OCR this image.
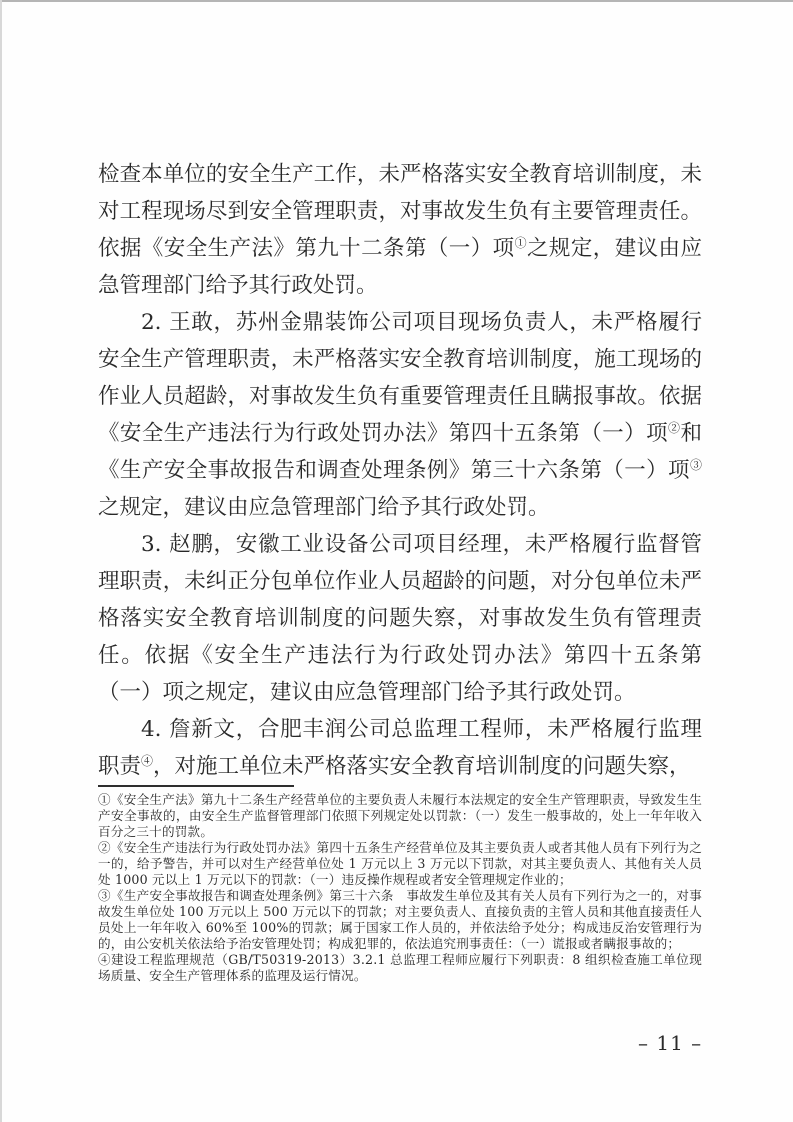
检查本单位的安全生产工作，未严格落实安全教育培训制度，未对工程现场尽到安全管理职责，对事故发生负有主要管理责任。依据《安全生产法》第九十二条第（一）项①之规定，建议由应急管理部门给予其行政处罚。

2. 王敢，苏州金鼎装饰公司项目现场负责人，未严格履行安全生产管理职责，未严格落实安全教育培训制度，施工现场的作业人员超龄，对事故发生负有重要管理责任且瞒报事故。依据《安全生产违法行为行政处罚办法》第四十五条第（一）项②和《生产安全事故报告和调查处理条例》第三十六条第（一）项③之规定，建议由应急管理部门给予其行政处罚。

3. 赵鹏，安徽工业设备公司项目经理，未严格履行监督管理职责，未纠正分包单位作业人员超龄的问题，对分包单位未严格落实安全教育培训制度的问题失察，对事故发生负有管理责任。依据《安全生产违法行为行政处罚办法》第四十五条第（一）项之规定，建议由应急管理部门给予其行政处罚。

4. 詹新文，合肥丰润公司总监理工程师，未严格履行监理职责④，对施工单位未严格落实安全教育培训制度的问题失察，

①《安全生产法》第九十二条生产经营单位的主要负责人未履行本法规定的安全生产管理职责，导致发生生产安全事故的，由安全生产监督管理部门依照下列规定处以罚款：（一）发生一般事故的，处上一年年收入百分之三十的罚款。

②《安全生产违法行为行政处罚办法》第四十五条生产经营单位及其主要负责人或者其他人员有下列行为之一的，给予警告，并可以对生产经营单位处 1 万元以上 3 万元以下罚款，对其主要负责人、其他有关人员处 1000 元以上 1 万元以下的罚款：（一）违反操作规程或者安全管理规定作业的；

③《生产安全事故报告和调查处理条例》第三十六条　事故发生单位及其有关人员有下列行为之一的，对事故发生单位处 100 万元以上 500 万元以下的罚款；对主要负责人、直接负责的主管人员和其他直接责任人员处上一年年收入 60%至 100%的罚款；属于国家工作人员的，并依法给予处分；构成违反治安管理行为的，由公安机关依法给予治安管理处罚；构成犯罪的，依法追究刑事责任：（一）谎报或者瞒报事故的；

④建设工程监理规范（GB/T50319-2013）3.2.1 总监理工程师应履行下列职责：8 组织检查施工单位现场质量、安全生产管理体系的监理及运行情况。

– 11 –
